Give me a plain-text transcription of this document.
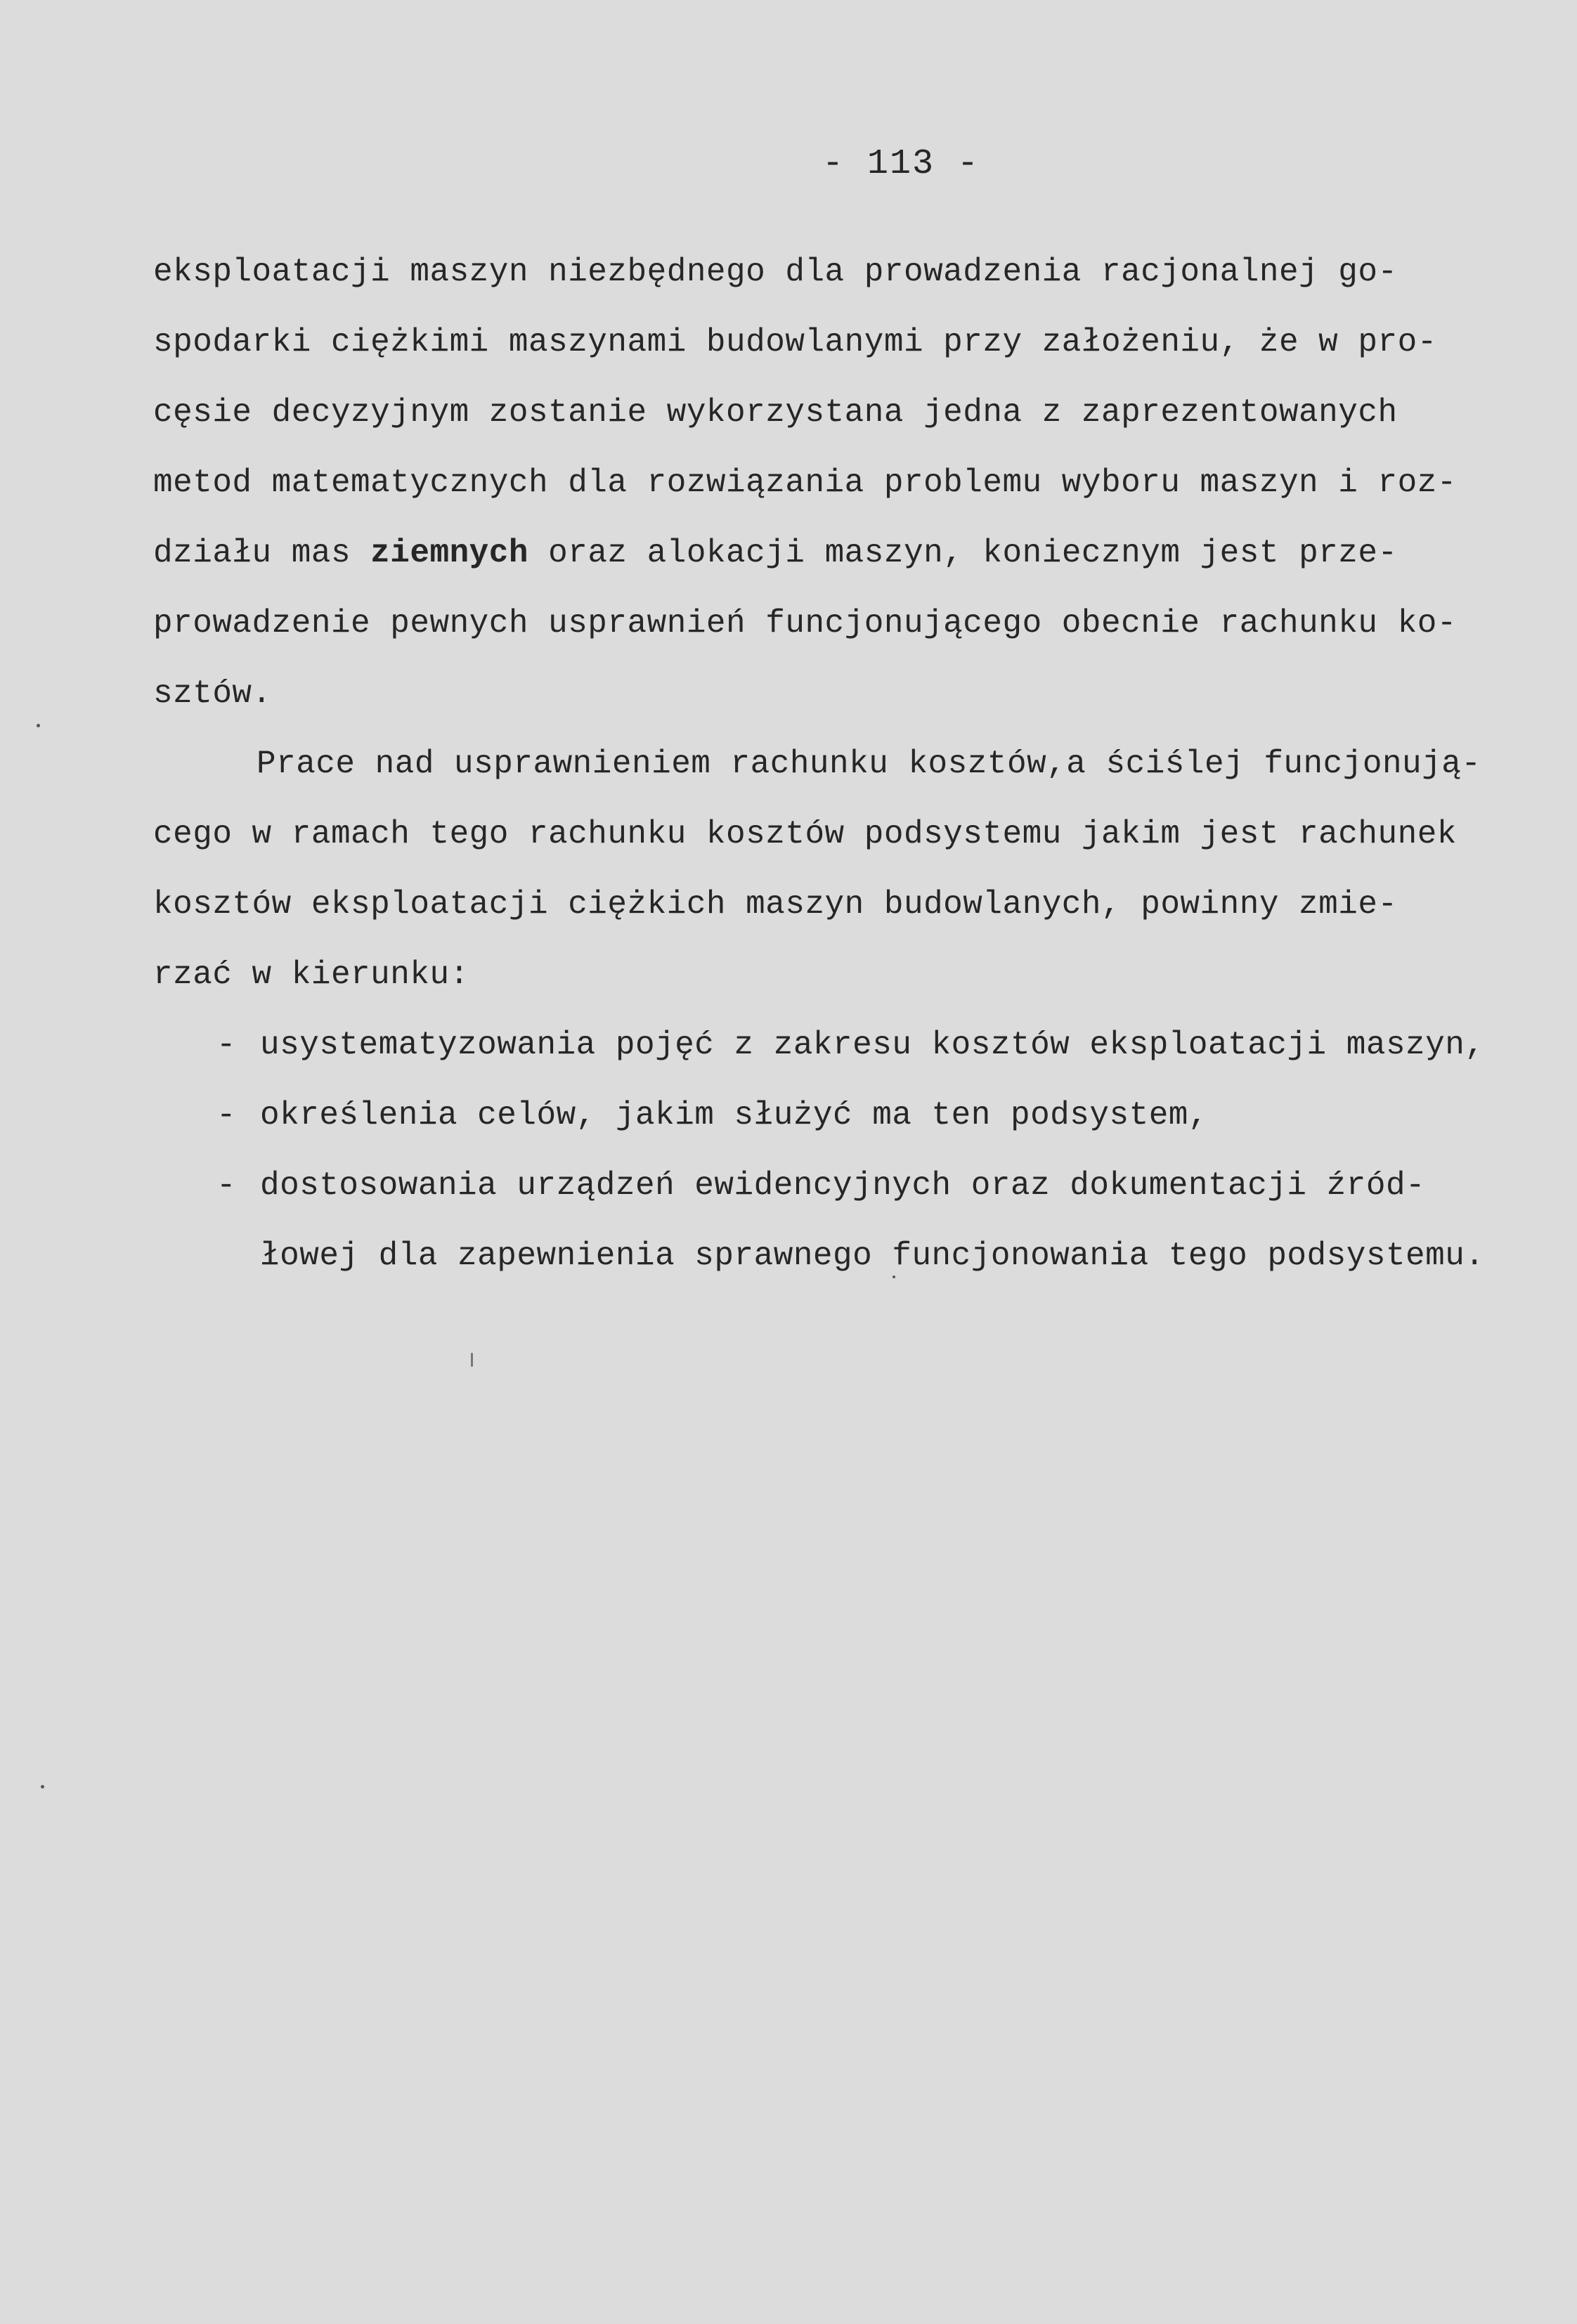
- 113 -
eksploatacji maszyn niezbędnego dla prowadzenia racjonalnej go-
spodarki ciężkimi maszynami budowlanymi przy założeniu, że w pro-
cęsie decyzyjnym zostanie wykorzystana jedna z zaprezentowanych
metod matematycznych dla rozwiązania problemu wyboru maszyn i roz-
działu mas ziemnych oraz alokacji maszyn, koniecznym jest prze-
prowadzenie pewnych usprawnień funcjonującego obecnie rachunku ko-
sztów.
Prace nad usprawnieniem rachunku kosztów,a ściślej funcjonują-
cego w ramach tego rachunku kosztów podsystemu jakim jest rachunek
kosztów eksploatacji ciężkich maszyn budowlanych, powinny zmie-
rzać w kierunku:
- usystematyzowania pojęć z zakresu kosztów eksploatacji maszyn,
- określenia celów, jakim służyć ma ten podsystem,
- dostosowania urządzeń ewidencyjnych oraz dokumentacji źród-
łowej dla zapewnienia sprawnego funcjonowania tego podsystemu.
